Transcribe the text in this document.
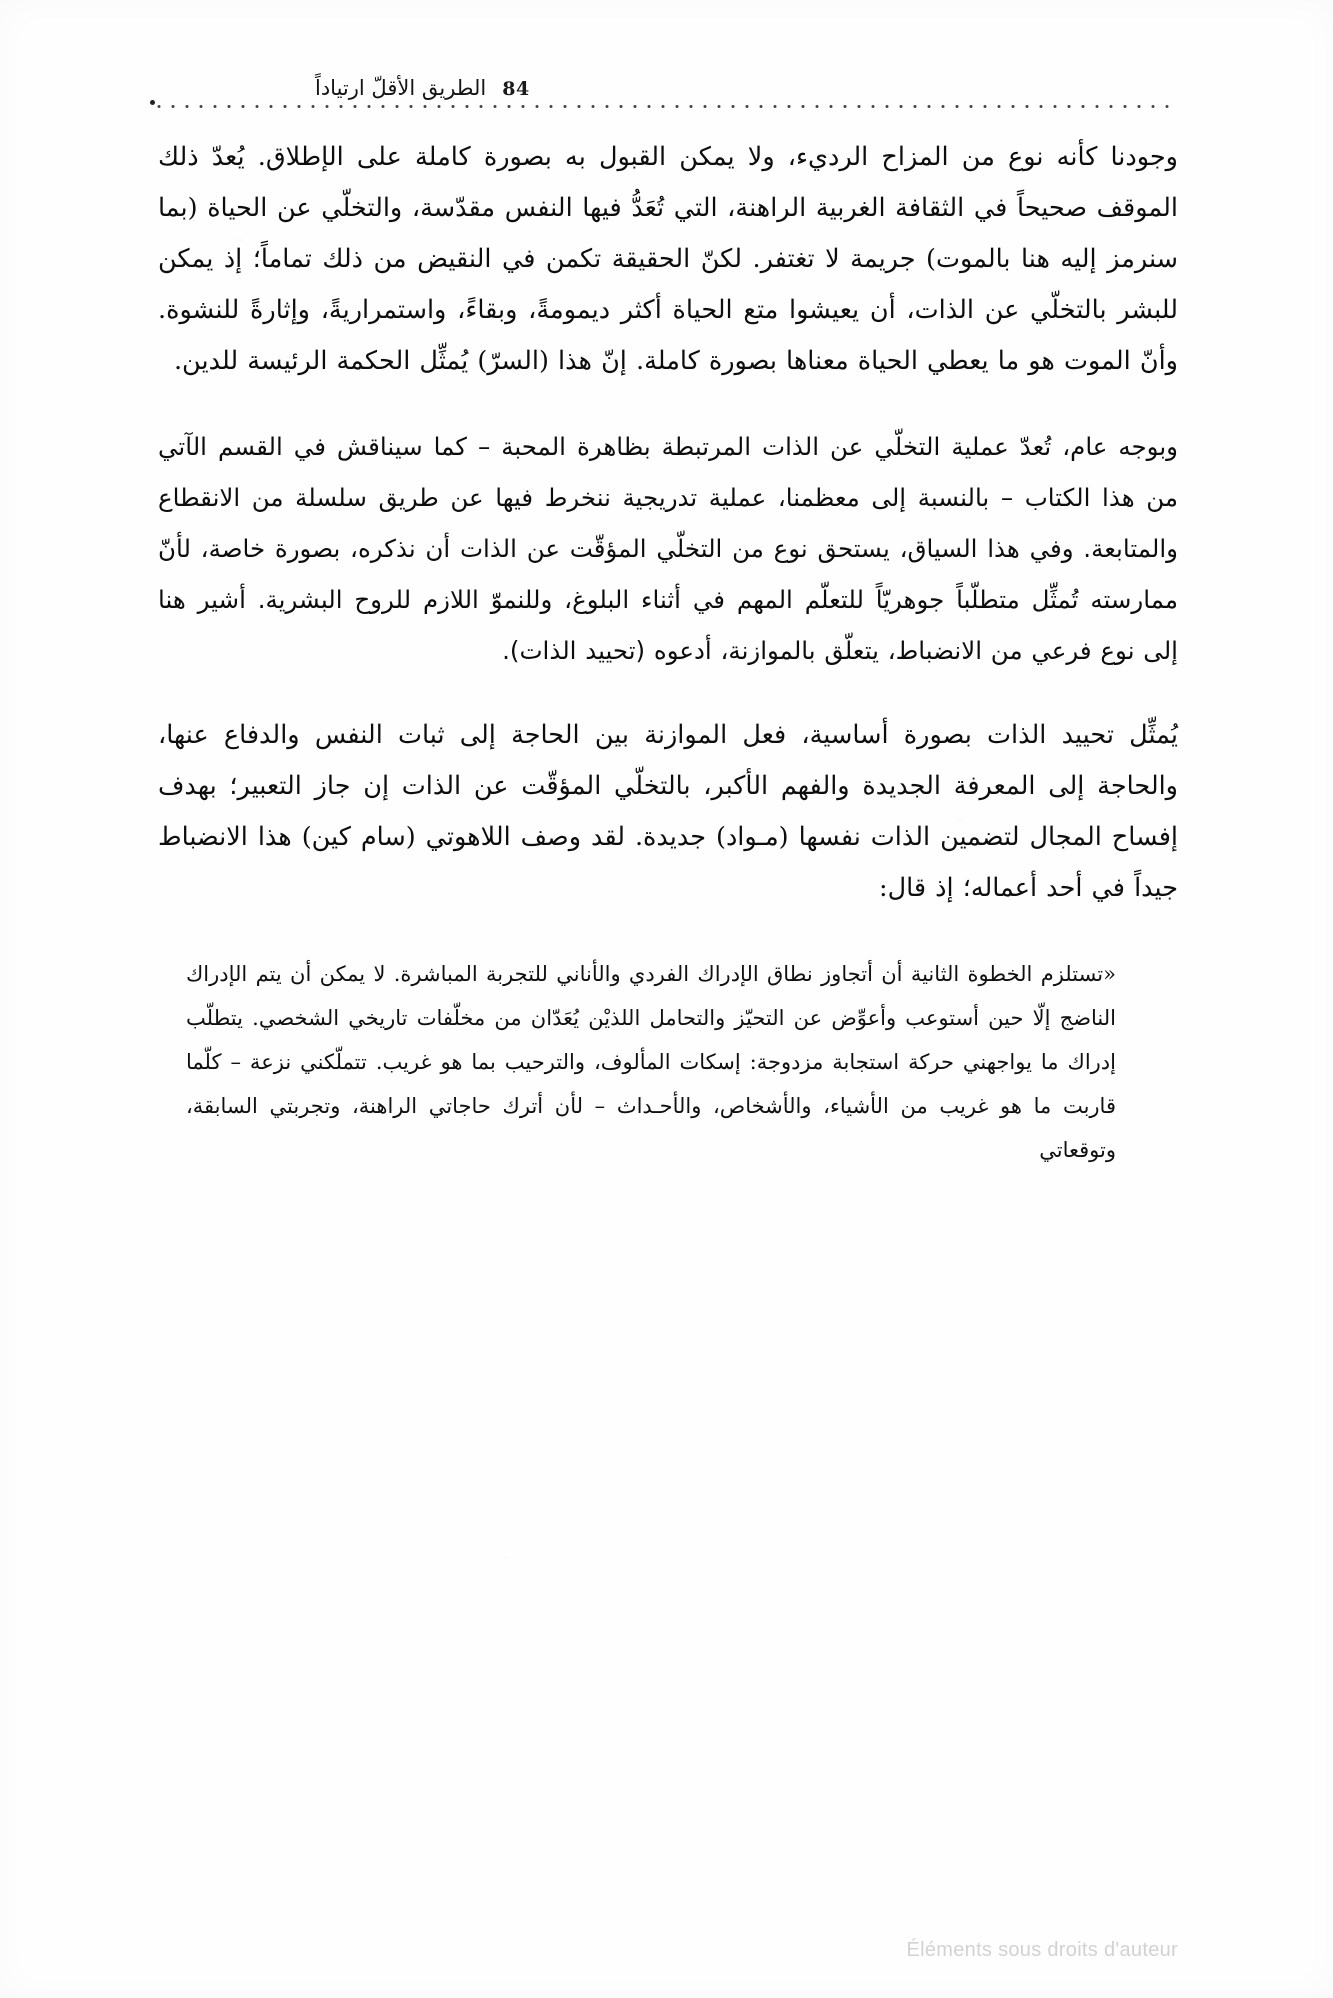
الطريق الأقلّ ارتياداً 84

وجودنا كأنه نوع من المزاح الرديء، ولا يمكن القبول به بصورة كاملة على الإطلاق. يُعدّ ذلك الموقف صحيحاً في الثقافة الغربية الراهنة، التي تُعَدُّ فيها النفس مقدّسة، والتخلّي عن الحياة (بما سنرمز إليه هنا بالموت) جريمة لا تغتفر. لكنّ الحقيقة تكمن في النقيض من ذلك تماماً؛ إذ يمكن للبشر بالتخلّي عن الذات، أن يعيشوا متع الحياة أكثر ديمومةً، وبقاءً، واستمراريةً، وإثارةً للنشوة. وأنّ الموت هو ما يعطي الحياة معناها بصورة كاملة. إنّ هذا (السرّ) يُمثِّل الحكمة الرئيسة للدين.

وبوجه عام، تُعدّ عملية التخلّي عن الذات المرتبطة بظاهرة المحبة – كما سيناقش في القسم الآتي من هذا الكتاب – بالنسبة إلى معظمنا، عملية تدريجية ننخرط فيها عن طريق سلسلة من الانقطاع والمتابعة. وفي هذا السياق، يستحق نوع من التخلّي المؤقّت عن الذات أن نذكره، بصورة خاصة، لأنّ ممارسته تُمثِّل متطلّباً جوهريّاً للتعلّم المهم في أثناء البلوغ، وللنموّ اللازم للروح البشرية. أشير هنا إلى نوع فرعي من الانضباط، يتعلّق بالموازنة، أدعوه (تحييد الذات).

يُمثِّل تحييد الذات بصورة أساسية، فعل الموازنة بين الحاجة إلى ثبات النفس والدفاع عنها، والحاجة إلى المعرفة الجديدة والفهم الأكبر، بالتخلّي المؤقّت عن الذات إن جاز التعبير؛ بهدف إفساح المجال لتضمين الذات نفسها (مـواد) جديدة. لقد وصف اللاهوتي (سام كين) هذا الانضباط جيداً في أحد أعماله؛ إذ قال:

«تستلزم الخطوة الثانية أن أتجاوز نطاق الإدراك الفردي والأناني للتجربة المباشرة. لا يمكن أن يتم الإدراك الناضج إلّا حين أستوعب وأعوِّض عن التحيّز والتحامل اللذيْن يُعَدّان من مخلّفات تاريخي الشخصي. يتطلّب إدراك ما يواجهني حركة استجابة مزدوجة: إسكات المألوف، والترحيب بما هو غريب. تتملّكني نزعة – كلّما قاربت ما هو غريب من الأشياء، والأشخاص، والأحـداث – لأن أترك حاجاتي الراهنة، وتجربتي السابقة، وتوقعاتي

Éléments sous droits d'auteur
